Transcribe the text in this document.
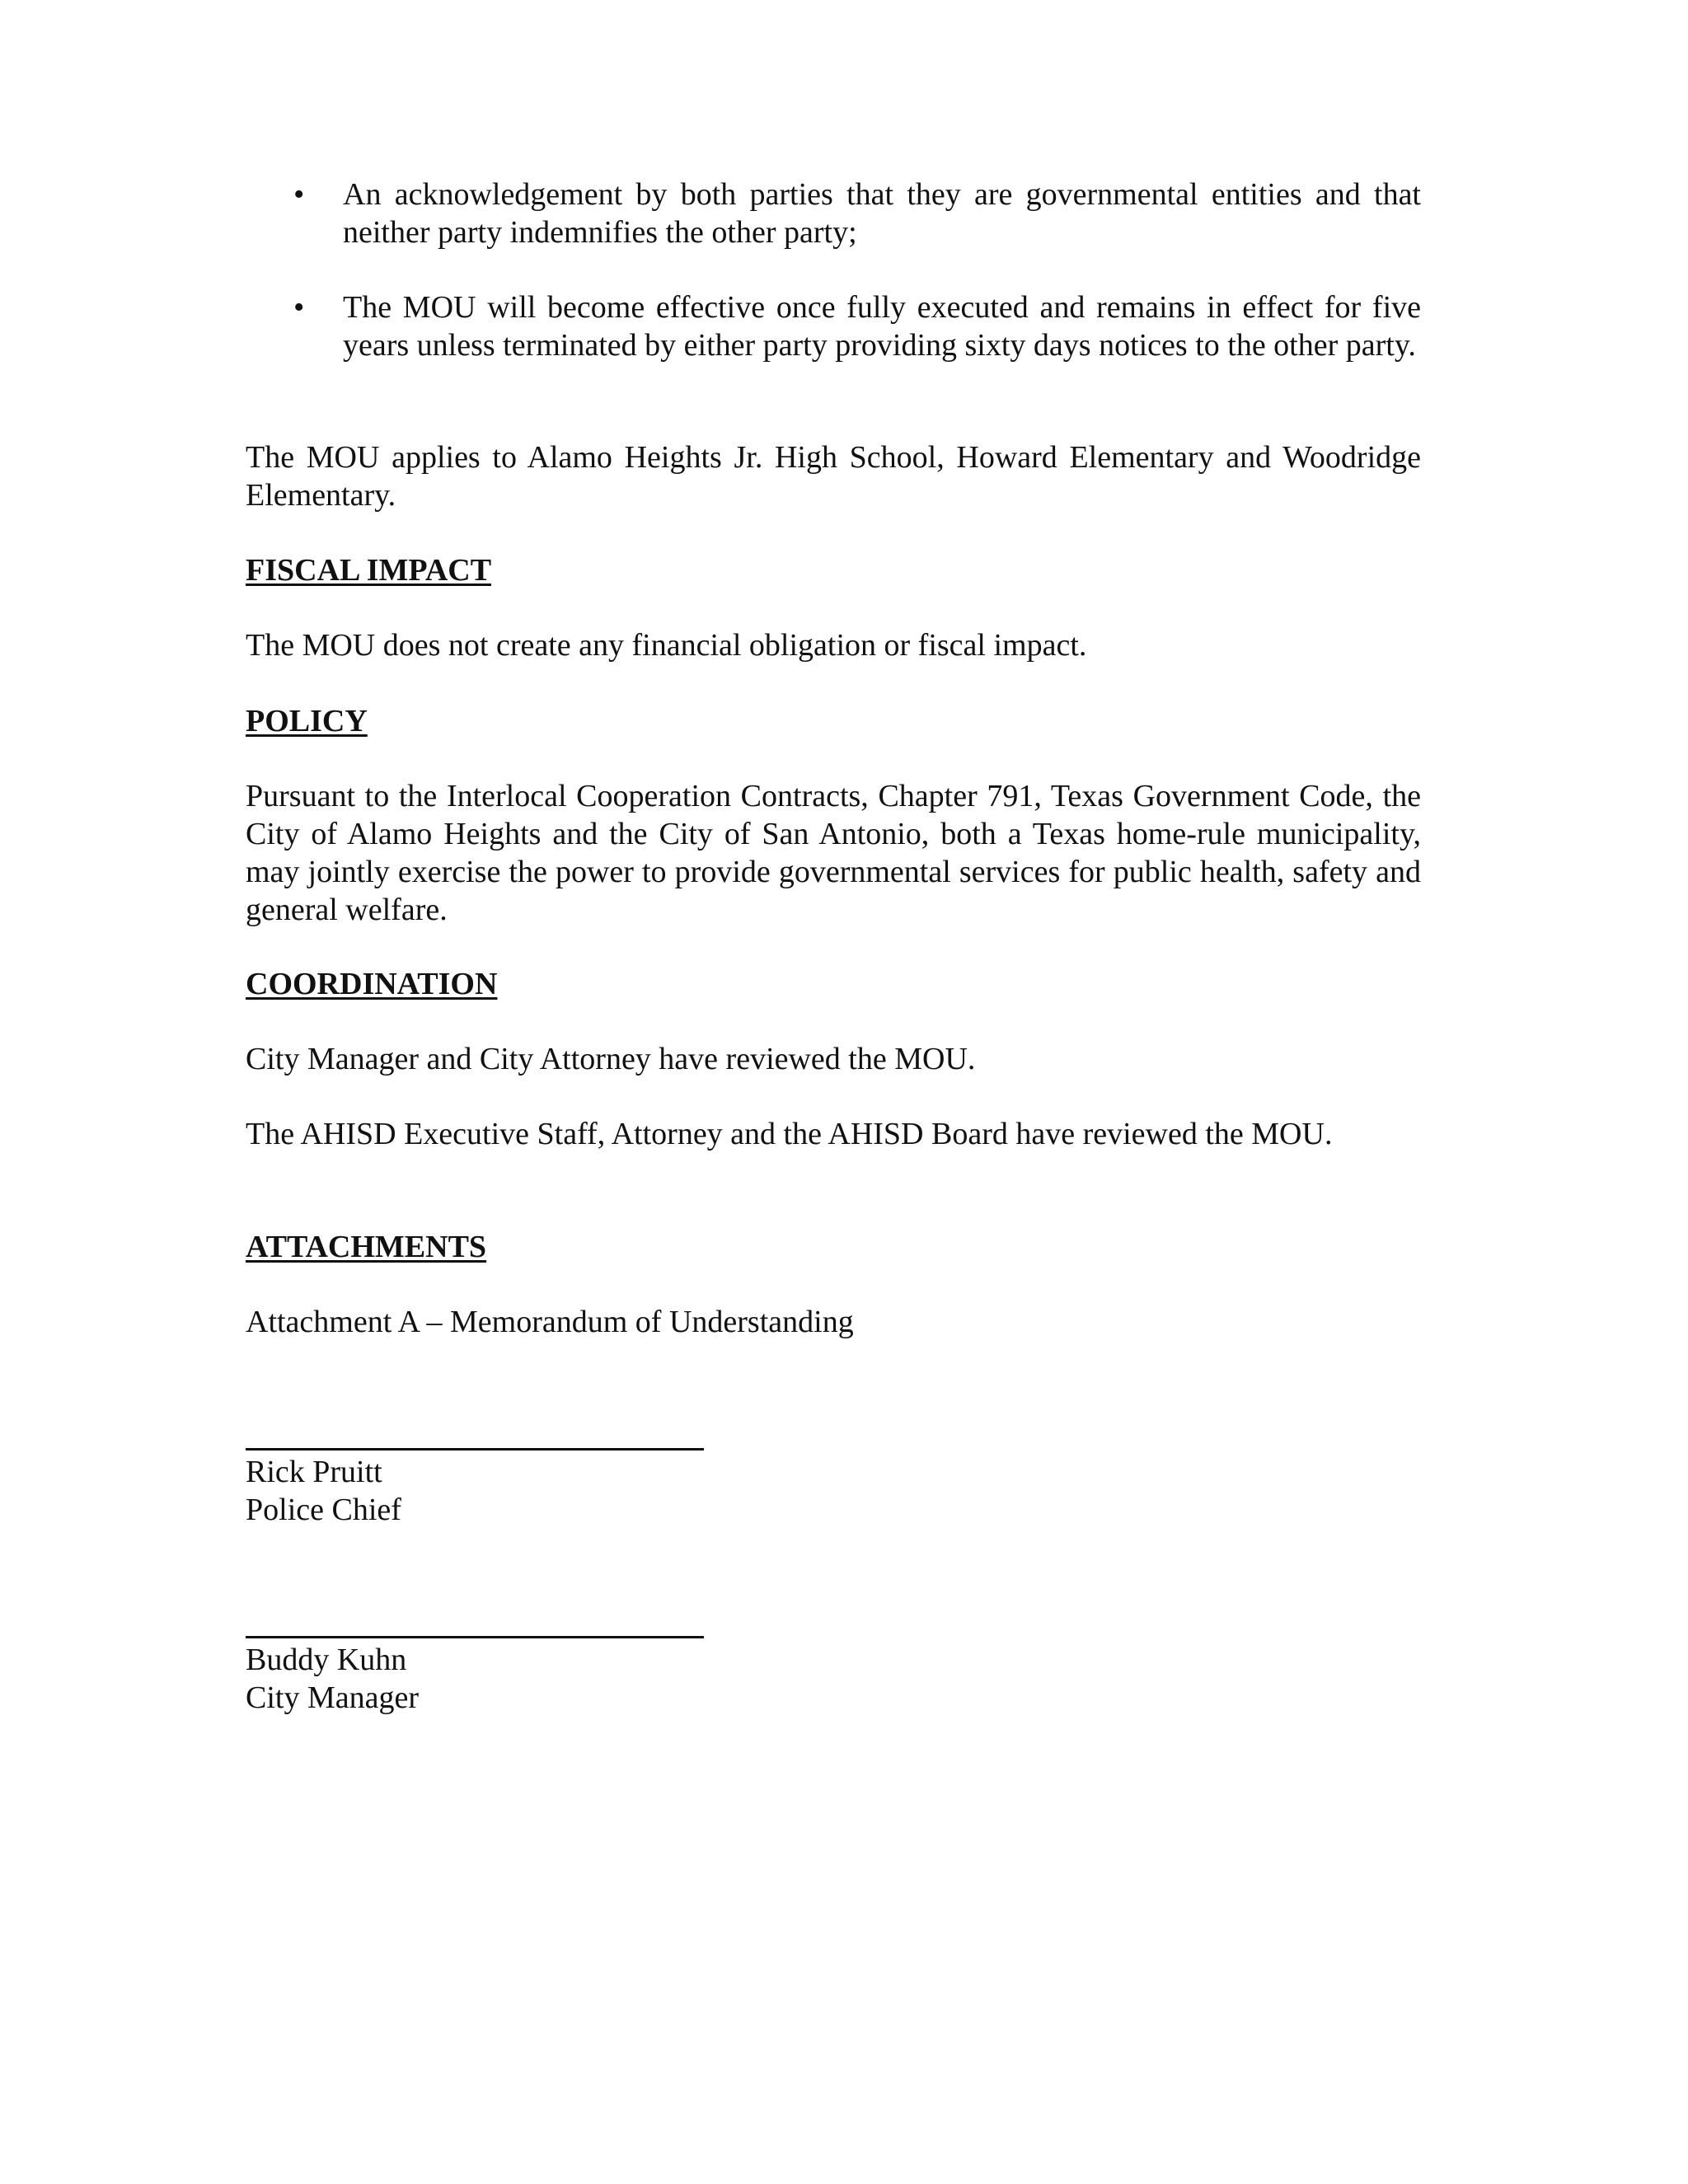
• An acknowledgement by both parties that they are governmental entities and that neither party indemnifies the other party;
• The MOU will become effective once fully executed and remains in effect for five years unless terminated by either party providing sixty days notices to the other party.

The MOU applies to Alamo Heights Jr. High School, Howard Elementary and Woodridge Elementary.

FISCAL IMPACT

The MOU does not create any financial obligation or fiscal impact.

POLICY

Pursuant to the Interlocal Cooperation Contracts, Chapter 791, Texas Government Code, the City of Alamo Heights and the City of San Antonio, both a Texas home-rule municipality, may jointly exercise the power to provide governmental services for public health, safety and general welfare.

COORDINATION

City Manager and City Attorney have reviewed the MOU.

The AHISD Executive Staff, Attorney and the AHISD Board have reviewed the MOU.

ATTACHMENTS

Attachment A – Memorandum of Understanding

Rick Pruitt

Police Chief

Buddy Kuhn

City Manager
